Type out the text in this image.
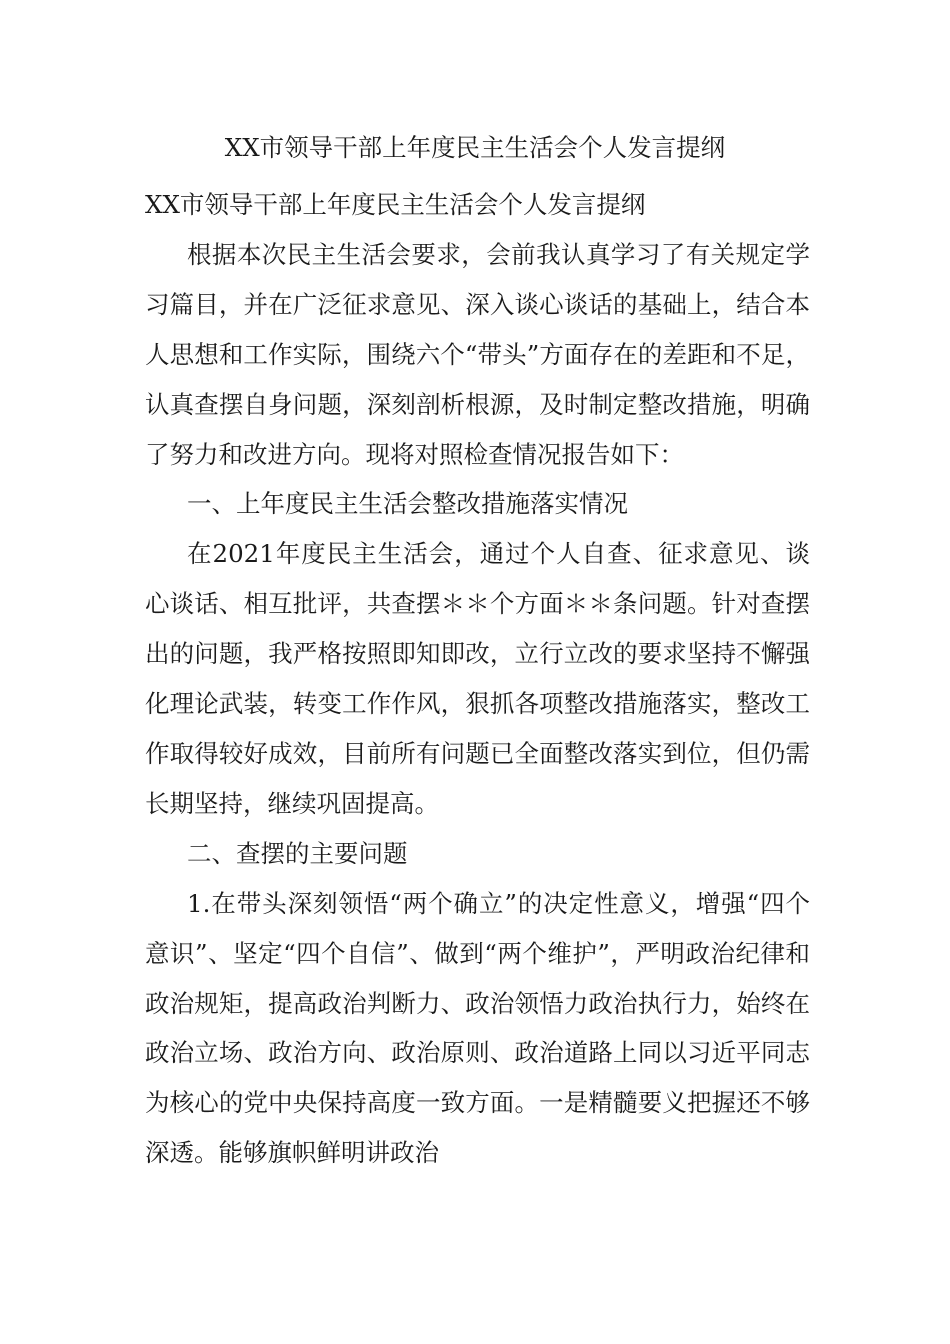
XX市领导干部上年度民主生活会个人发言提纲

XX市领导干部上年度民主生活会个人发言提纲

根据本次民主生活会要求，会前我认真学习了有关规定学习篇目，并在广泛征求意见、深入谈心谈话的基础上，结合本人思想和工作实际，围绕六个“带头”方面存在的差距和不足，认真查摆自身问题，深刻剖析根源，及时制定整改措施，明确了努力和改进方向。现将对照检查情况报告如下：

一、上年度民主生活会整改措施落实情况

在2021年度民主生活会，通过个人自查、征求意见、谈心谈话、相互批评，共查摆＊＊个方面＊＊条问题。针对查摆出的问题，我严格按照即知即改，立行立改的要求坚持不懈强化理论武装，转变工作作风，狠抓各项整改措施落实，整改工作取得较好成效，目前所有问题已全面整改落实到位，但仍需长期坚持，继续巩固提高。

二、查摆的主要问题

1.在带头深刻领悟“两个确立”的决定性意义，增强“四个意识”、坚定“四个自信”、做到“两个维护”，严明政治纪律和政治规矩，提高政治判断力、政治领悟力政治执行力，始终在政治立场、政治方向、政治原则、政治道路上同以习近平同志为核心的党中央保持高度一致方面。一是精髓要义把握还不够深透。能够旗帜鲜明讲政治
